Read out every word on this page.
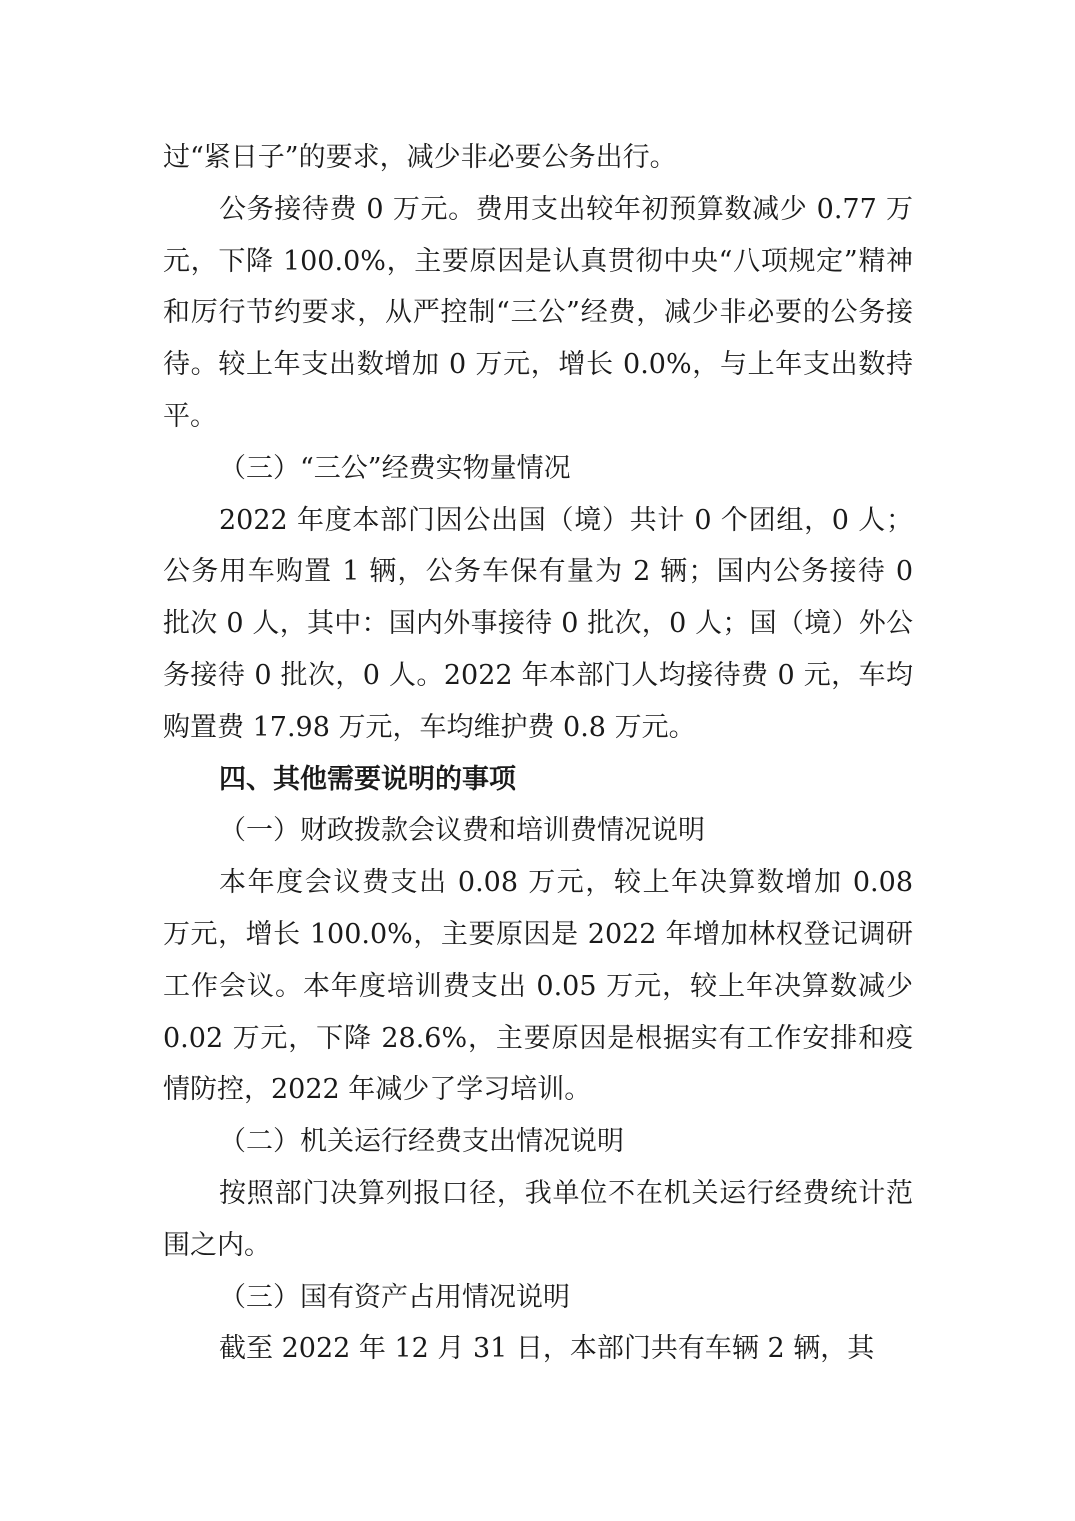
过“紧日子”的要求，减少非必要公务出行。

公务接待费 0 万元。费用支出较年初预算数减少 0.77 万元，下降 100.0%，主要原因是认真贯彻中央“八项规定”精神和厉行节约要求，从严控制“三公”经费，减少非必要的公务接待。较上年支出数增加 0 万元，增长 0.0%，与上年支出数持平。

（三）“三公”经费实物量情况

2022 年度本部门因公出国（境）共计 0 个团组，0 人；公务用车购置 1 辆，公务车保有量为 2 辆；国内公务接待 0 批次 0 人，其中：国内外事接待 0 批次，0 人；国（境）外公务接待 0 批次，0 人。2022 年本部门人均接待费 0 元，车均购置费 17.98 万元，车均维护费 0.8 万元。

四、其他需要说明的事项

（一）财政拨款会议费和培训费情况说明

本年度会议费支出 0.08 万元，较上年决算数增加 0.08 万元，增长 100.0%，主要原因是 2022 年增加林权登记调研工作会议。本年度培训费支出 0.05 万元，较上年决算数减少 0.02 万元，下降 28.6%，主要原因是根据实有工作安排和疫情防控，2022 年减少了学习培训。

（二）机关运行经费支出情况说明

按照部门决算列报口径，我单位不在机关运行经费统计范围之内。

（三）国有资产占用情况说明

截至 2022 年 12 月 31 日，本部门共有车辆 2 辆，其
